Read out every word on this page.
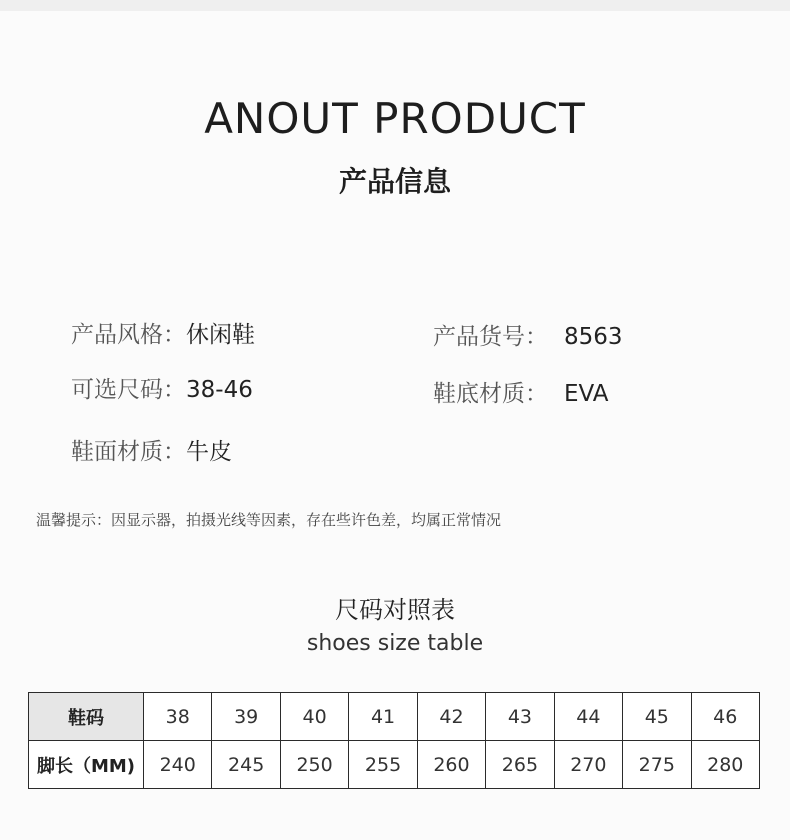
ANOUT PRODUCT
产品信息
产品风格：休闲鞋	产品货号： 8563
可选尺码：38-46	鞋底材质： EVA
鞋面材质：牛皮
温馨提示：因显示器，拍摄光线等因素，存在些许色差，均属正常情况
尺码对照表
shoes size table
鞋码	38	39	40	41	42	43	44	45	46
脚长（MM)	240	245	250	255	260	265	270	275	280
